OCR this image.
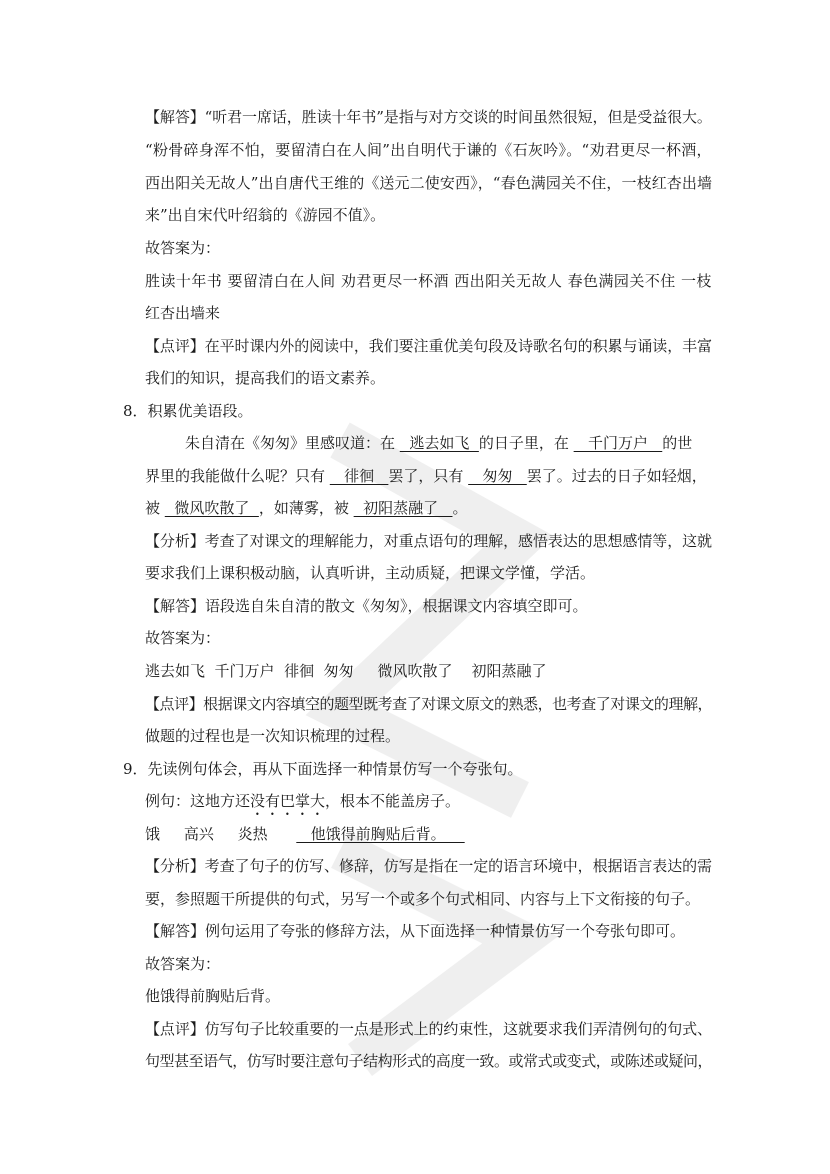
【解答】“听君一席话，胜读十年书”是指与对方交谈的时间虽然很短，但是受益很大。
“粉骨碎身浑不怕，要留清白在人间”出自明代于谦的《石灰吟》。“劝君更尽一杯酒，
西出阳关无故人”出自唐代王维的《送元二使安西》，“春色满园关不住，一枝红杏出墙
来”出自宋代叶绍翁的《游园不值》。
故答案为：
胜读十年书 要留清白在人间 劝君更尽一杯酒 西出阳关无故人 春色满园关不住 一枝
红杏出墙来
【点评】在平时课内外的阅读中，我们要注重优美句段及诗歌名句的积累与诵读，丰富
我们的知识，提高我们的语文素养。
8．积累优美语段。
朱自清在《匆匆》里感叹道：在   逃去如飞  的日子里，在    千门万户   的世
界里的我能做什么呢？只有    徘徊   罢了，只有    匆匆   罢了。过去的日子如轻烟，
被   微风吹散了  ，如薄雾，被   初阳蒸融了   。
【分析】考查了对课文的理解能力，对重点语句的理解，感悟表达的思想感情等，这就
要求我们上课积极动脑，认真听讲，主动质疑，把课文学懂，学活。
【解答】语段选自朱自清的散文《匆匆》，根据课文内容填空即可。
故答案为：
逃去如飞  千门万户  徘徊  匆匆     微风吹散了    初阳蒸融了
【点评】根据课文内容填空的题型既考查了对课文原文的熟悉，也考查了对课文的理解，
做题的过程也是一次知识梳理的过程。
9．先读例句体会，再从下面选择一种情景仿写一个夸张句。
例句：这地方还没有巴掌大，根本不能盖房子。
饿     高兴     炎热         他饿得前胸贴后背。
【分析】考查了句子的仿写、修辞，仿写是指在一定的语言环境中，根据语言表达的需
要，参照题干所提供的句式，另写一个或多个句式相同、内容与上下文衔接的句子。
【解答】例句运用了夸张的修辞方法，从下面选择一种情景仿写一个夸张句即可。
故答案为：
他饿得前胸贴后背。
【点评】仿写句子比较重要的一点是形式上的约束性，这就要求我们弄清例句的句式、
句型甚至语气，仿写时要注意句子结构形式的高度一致。或常式或变式，或陈述或疑问，
